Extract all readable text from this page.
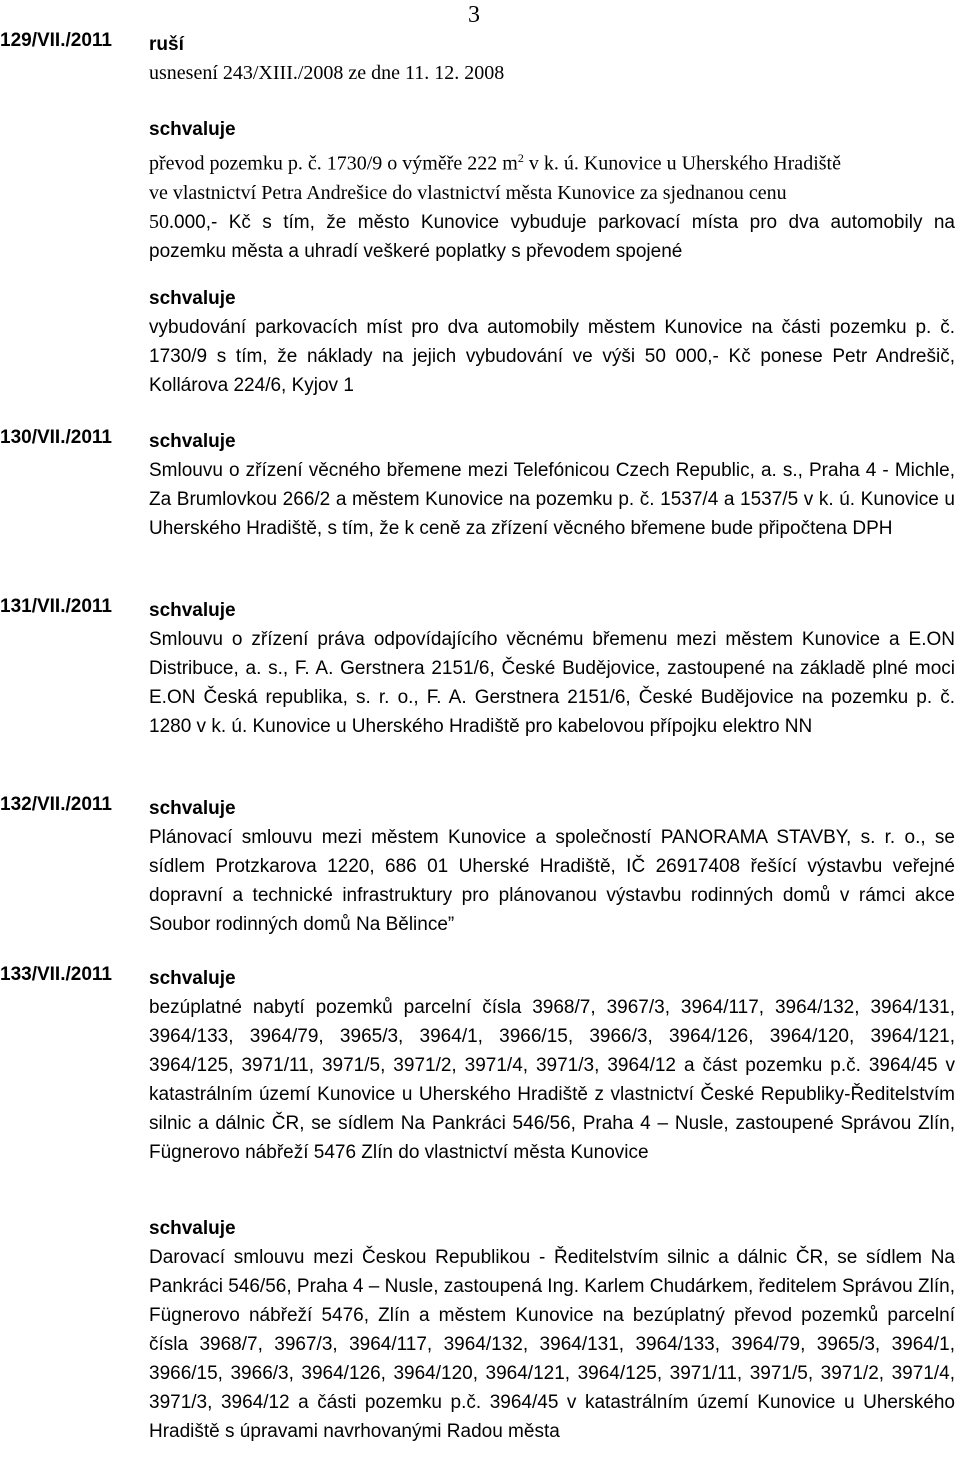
3
129/VII./2011 ruší
usnesení 243/XIII./2008 ze dne 11. 12. 2008
schvaluje
převod pozemku p. č. 1730/9 o výměře 222 $m^2$ v k. ú. Kunovice u Uherského Hradiště
ve vlastnictví Petra Andrešice do vlastnictví města Kunovice za sjednanou cenu

50.000,- Kč s tím, že město Kunovice vybuduje parkovací místa pro dva automobily na pozemku města a uhradí veškeré poplatky s převodem spojené

schvaluje

vybudování parkovacích míst pro dva automobily městem Kunovice na části pozemku p. č. 1730/9 s tím, že náklady na jejich vybudování ve výši 50 000,- Kč ponese Petr Andrešič, Kollárova 224/6, Kyjov 1

130/VII./2011 schvaluje

Smlouvu o zřízení věcného břemene mezi Telefónicou Czech Republic, a. s., Praha 4 - Michle, Za Brumlovkou 266/2 a městem Kunovice na pozemku p. č. 1537/4 a 1537/5 v k. ú. Kunovice u Uherského Hradiště, s tím, že k ceně za zřízení věcného břemene bude připočtena DPH

131/VII./2011 schvaluje

Smlouvu o zřízení práva odpovídajícího věcnému břemenu mezi městem Kunovice a E.ON Distribuce, a. s., F. A. Gerstnera 2151/6, České Budějovice, zastoupené na základě plné moci E.ON Česká republika, s. r. o., F. A. Gerstnera 2151/6, České Budějovice na pozemku p. č. 1280 v k. ú. Kunovice u Uherského Hradiště pro kabelovou přípojku elektro NN

132/VII./2011 schvaluje

Plánovací smlouvu mezi městem Kunovice a společností PANORAMA STAVBY, s. r. o., se sídlem Protzkarova 1220, 686 01 Uherské Hradiště, IČ 26917408 řešící výstavbu veřejné dopravní a technické infrastruktury pro plánovanou výstavbu rodinných domů v rámci akce Soubor rodinných domů Na Bělince”

133/VII./2011 schvaluje

bezúplatné nabytí pozemků parcelní čísla 3968/7, 3967/3, 3964/117, 3964/132, 3964/131, 3964/133, 3964/79, 3965/3, 3964/1, 3966/15, 3966/3, 3964/126, 3964/120, 3964/121, 3964/125, 3971/11, 3971/5, 3971/2, 3971/4, 3971/3, 3964/12 a část pozemku p.č. 3964/45 v katastrálním území Kunovice u Uherského Hradiště z vlastnictví České Republiky-Ředitelstvím silnic a dálnic ČR, se sídlem Na Pankráci 546/56, Praha 4 – Nusle, zastoupené Správou Zlín, Fügnerovo nábřeží 5476 Zlín do vlastnictví města Kunovice

schvaluje

Darovací smlouvu mezi Českou Republikou - Ředitelstvím silnic a dálnic ČR, se sídlem Na Pankráci 546/56, Praha 4 – Nusle, zastoupená Ing. Karlem Chudárkem, ředitelem Správou Zlín, Fügnerovo nábřeží 5476, Zlín a městem Kunovice na bezúplatný převod pozemků parcelní čísla 3968/7, 3967/3, 3964/117, 3964/132, 3964/131, 3964/133, 3964/79, 3965/3, 3964/1, 3966/15, 3966/3, 3964/126, 3964/120, 3964/121, 3964/125, 3971/11, 3971/5, 3971/2, 3971/4, 3971/3, 3964/12 a části pozemku p.č. 3964/45 v katastrálním území Kunovice u Uherského Hradiště s úpravami navrhovanými Radou města
